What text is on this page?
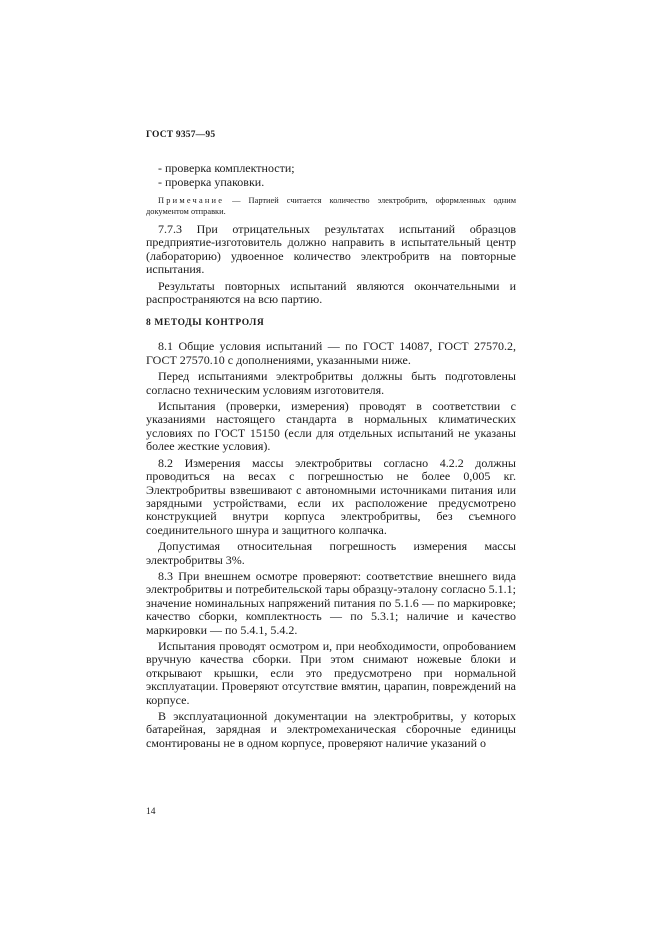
ГОСТ 9357—95
- проверка комплектности;
- проверка упаковки.
Примечание — Партией считается количество электробритв, оформленных одним документом отправки.

7.7.3 При отрицательных результатах испытаний образцов предприятие-изготовитель должно направить в испытательный центр (лабораторию) удвоенное количество электробритв на повторные испытания.

Результаты повторных испытаний являются окончательными и распространяются на всю партию.

8 МЕТОДЫ КОНТРОЛЯ

8.1 Общие условия испытаний — по ГОСТ 14087, ГОСТ 27570.2, ГОСТ 27570.10 с дополнениями, указанными ниже.

Перед испытаниями электробритвы должны быть подготовлены согласно техническим условиям изготовителя.

Испытания (проверки, измерения) проводят в соответствии с указаниями настоящего стандарта в нормальных климатических условиях по ГОСТ 15150 (если для отдельных испытаний не указаны более жесткие условия).

8.2 Измерения массы электробритвы согласно 4.2.2 должны проводиться на весах с погрешностью не более 0,005 кг. Электробритвы взвешивают с автономными источниками питания или зарядными устройствами, если их расположение предусмотрено конструкцией внутри корпуса электробритвы, без съемного соединительного шнура и защитного колпачка.

Допустимая относительная погрешность измерения массы электробритвы 3%.

8.3 При внешнем осмотре проверяют: соответствие внешнего вида электробритвы и потребительской тары образцу-эталону согласно 5.1.1; значение номинальных напряжений питания по 5.1.6 — по маркировке; качество сборки, комплектность — по 5.3.1; наличие и качество маркировки — по 5.4.1, 5.4.2.

Испытания проводят осмотром и, при необходимости, опробованием вручную качества сборки. При этом снимают ножевые блоки и открывают крышки, если это предусмотрено при нормальной эксплуатации. Проверяют отсутствие вмятин, царапин, повреждений на корпусе.

В эксплуатационной документации на электробритвы, у которых батарейная, зарядная и электромеханическая сборочные единицы смонтированы не в одном корпусе, проверяют наличие указаний о

14
